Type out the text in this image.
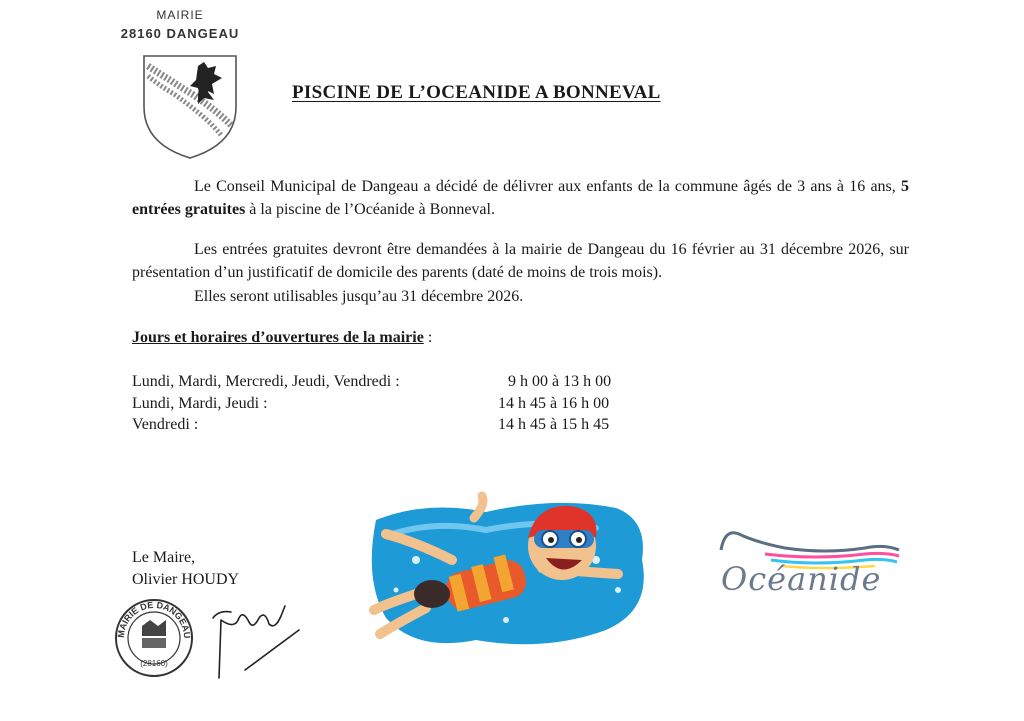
MAIRIE
28160 DANGEAU
PISCINE DE L’OCEANIDE A BONNEVAL
Le Conseil Municipal de Dangeau a décidé de délivrer aux enfants de la commune âgés de 3 ans à 16 ans, 5 entrées gratuites à la piscine de l’Océanide à Bonneval.
Les entrées gratuites devront être demandées à la mairie de Dangeau du 16 février au 31 décembre 2026, sur présentation d’un justificatif de domicile des parents (daté de moins de trois mois).
Elles seront utilisables jusqu’au 31 décembre 2026.
Jours et horaires d’ouvertures de la mairie :
Lundi, Mardi, Mercredi, Jeudi, Vendredi :	9 h 00 à 13 h 00
Lundi, Mardi, Jeudi :	14 h 45 à 16 h 00
Vendredi :	14 h 45 à 15 h 45
Océanide
Le Maire,
Olivier HOUDY
MAIRIE DE DANGEAU
(28160)
